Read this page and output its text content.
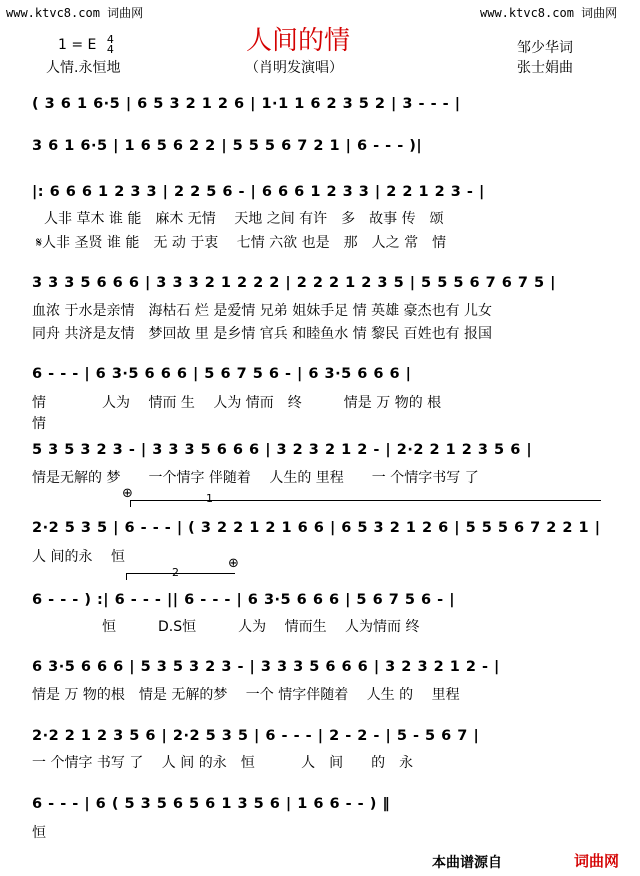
www.ktvc8.com 词曲网	www.ktvc8.com 词曲网
人间的情
1 = E 4
4
人情.永恒地	（肖明发演唱）
邹少华词
张士娟曲
( 3 6 1 6·5 | 6 5 3 2 1 2 6 | 1·1 1 6 2 3 5 2 | 3 - - - |
3 6 1 6·5 | 1 6 5 6 2 2 | 5 5 5 6 7 2 1 | 6 - - - )|
|: 6 6 6 1 2 3 3 | 2 2 5 6 - | 6 6 6 1 2 3 3 | 2 2 1 2 3 - |
人非 草木 谁 能　麻木 无情　 天地 之间 有许　多　故事 传　颂
𝄋人非 圣贤 谁 能　无 动 于衷　 七情 六欲 也是　那　人之 常　情
3 3 3 5 6 6 6 | 3 3 3 2 1 2 2 2 | 2 2 2 1 2 3 5 | 5 5 5 6 7 6 7 5 |
血浓 于水是亲情　海枯石 烂 是爱情 兄弟 姐妹手足 情 英雄 豪杰也有 儿女
同舟 共济是友情　梦回故 里 是乡情 官兵 和睦鱼水 情 黎民 百姓也有 报国
6 - - - | 6 3·5 6 6 6 | 5 6 7 5 6 - | 6 3·5 6 6 6 |
情　　　　人为　 情而 生　 人为 情而　终　　　情是 万 物的 根
情
5 3 5 3 2 3 - | 3 3 3 5 6 6 6 | 3 2 3 2 1 2 - | 2·2 2 1 2 3 5 6 |
情是无解的 梦　　一个情字 伴随着　 人生的 里程　　一 个情字书写 了
⊕	1
2·2 5 3 5 | 6 - - - | ( 3 2 2 1 2 1 6 6 | 6 5 3 2 1 2 6 | 5 5 5 6 7 2 2 1 |
人 间的永　 恒
2
⊕
6 - - - ) :| 6 - - - || 6 - - - | 6 3·5 6 6 6 | 5 6 7 5 6 - |
　　　　　恒　　　D.S恒　　　人为　 情而生　 人为情而 终
6 3·5 6 6 6 | 5 3 5 3 2 3 - | 3 3 3 5 6 6 6 | 3 2 3 2 1 2 - |
情是 万 物的根　情是 无解的梦　 一个 情字伴随着　 人生 的　 里程
2·2 2 1 2 3 5 6 | 2·2 5 3 5 | 6 - - - | 2 - 2 - | 5 - 5 6 7 |
一 个情字 书写 了　 人 间 的永　恒　　　 人　间　　的　永
6 - - - | 6 ( 5 3 5 6 5 6 1 3 5 6 | 1 6 6 - - ) ‖
恒
本曲谱源自	词曲网
